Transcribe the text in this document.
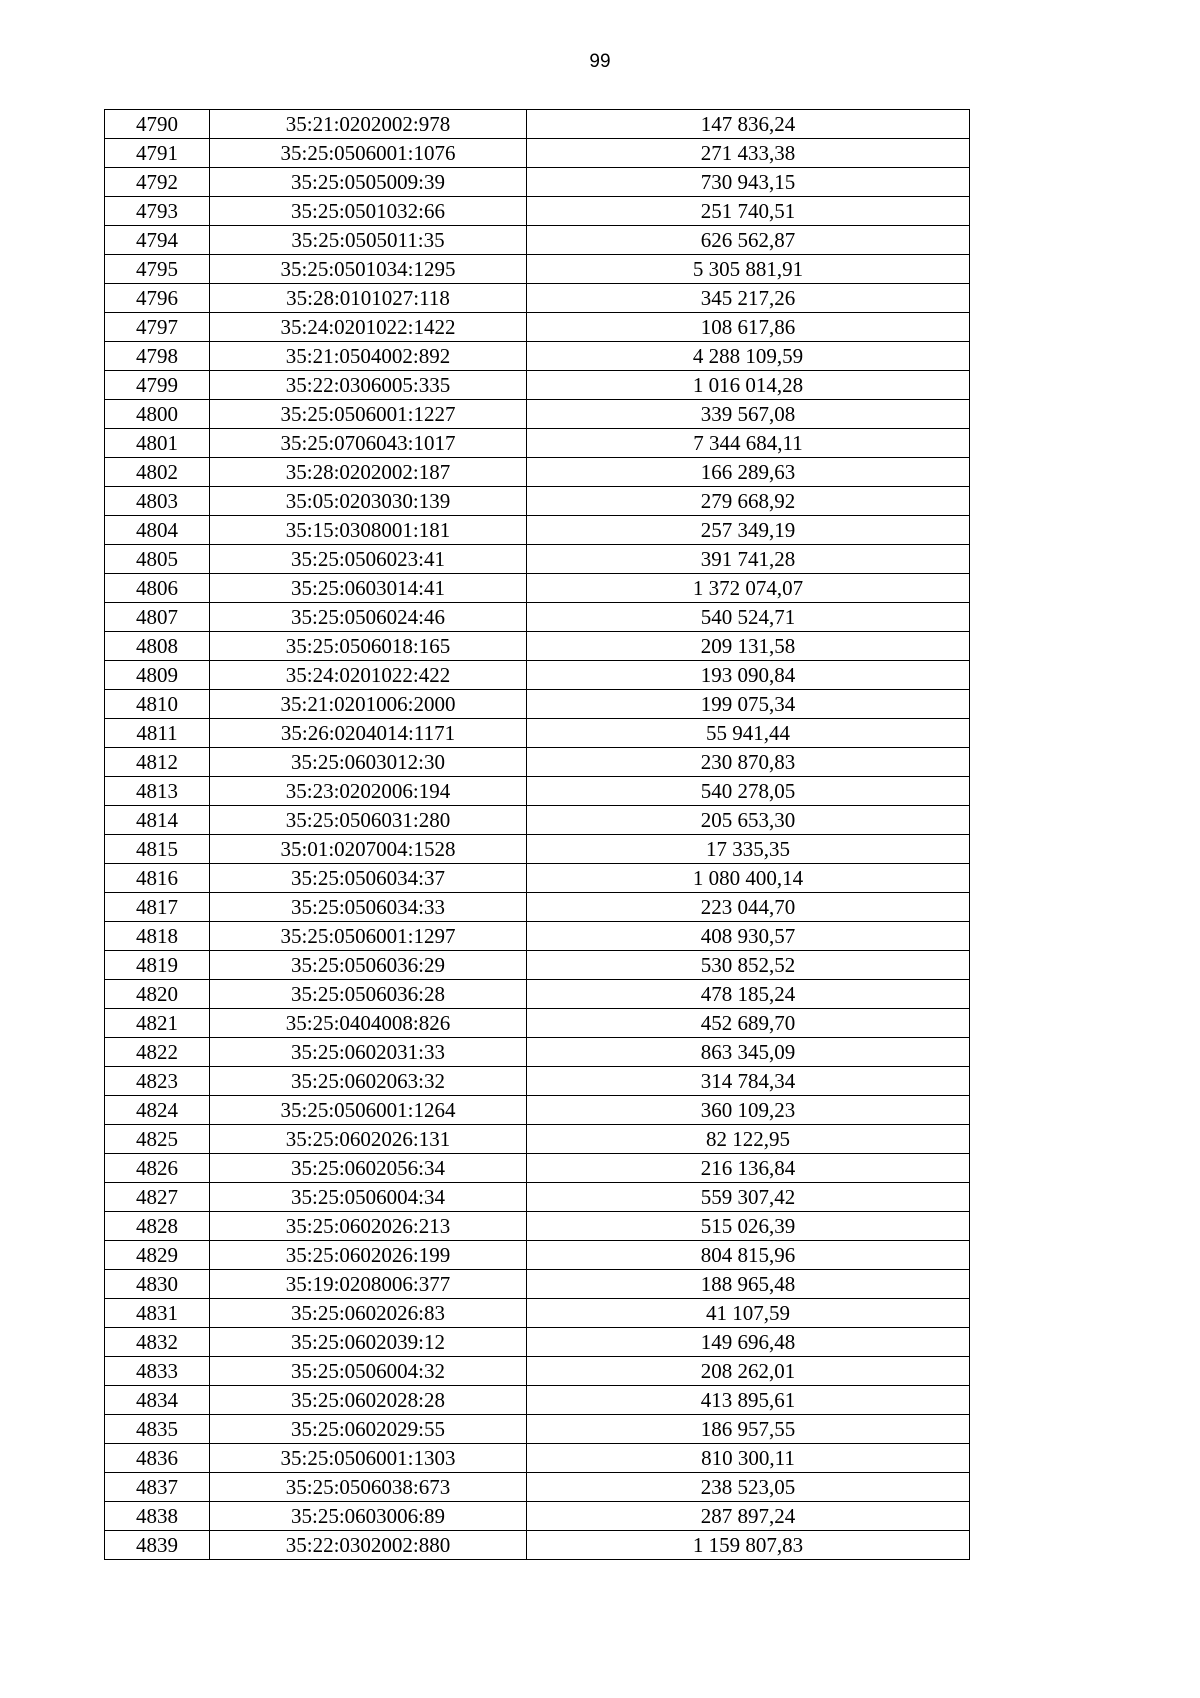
99
4790	35:21:0202002:978	147 836,24
4791	35:25:0506001:1076	271 433,38
4792	35:25:0505009:39	730 943,15
4793	35:25:0501032:66	251 740,51
4794	35:25:0505011:35	626 562,87
4795	35:25:0501034:1295	5 305 881,91
4796	35:28:0101027:118	345 217,26
4797	35:24:0201022:1422	108 617,86
4798	35:21:0504002:892	4 288 109,59
4799	35:22:0306005:335	1 016 014,28
4800	35:25:0506001:1227	339 567,08
4801	35:25:0706043:1017	7 344 684,11
4802	35:28:0202002:187	166 289,63
4803	35:05:0203030:139	279 668,92
4804	35:15:0308001:181	257 349,19
4805	35:25:0506023:41	391 741,28
4806	35:25:0603014:41	1 372 074,07
4807	35:25:0506024:46	540 524,71
4808	35:25:0506018:165	209 131,58
4809	35:24:0201022:422	193 090,84
4810	35:21:0201006:2000	199 075,34
4811	35:26:0204014:1171	55 941,44
4812	35:25:0603012:30	230 870,83
4813	35:23:0202006:194	540 278,05
4814	35:25:0506031:280	205 653,30
4815	35:01:0207004:1528	17 335,35
4816	35:25:0506034:37	1 080 400,14
4817	35:25:0506034:33	223 044,70
4818	35:25:0506001:1297	408 930,57
4819	35:25:0506036:29	530 852,52
4820	35:25:0506036:28	478 185,24
4821	35:25:0404008:826	452 689,70
4822	35:25:0602031:33	863 345,09
4823	35:25:0602063:32	314 784,34
4824	35:25:0506001:1264	360 109,23
4825	35:25:0602026:131	82 122,95
4826	35:25:0602056:34	216 136,84
4827	35:25:0506004:34	559 307,42
4828	35:25:0602026:213	515 026,39
4829	35:25:0602026:199	804 815,96
4830	35:19:0208006:377	188 965,48
4831	35:25:0602026:83	41 107,59
4832	35:25:0602039:12	149 696,48
4833	35:25:0506004:32	208 262,01
4834	35:25:0602028:28	413 895,61
4835	35:25:0602029:55	186 957,55
4836	35:25:0506001:1303	810 300,11
4837	35:25:0506038:673	238 523,05
4838	35:25:0603006:89	287 897,24
4839	35:22:0302002:880	1 159 807,83
